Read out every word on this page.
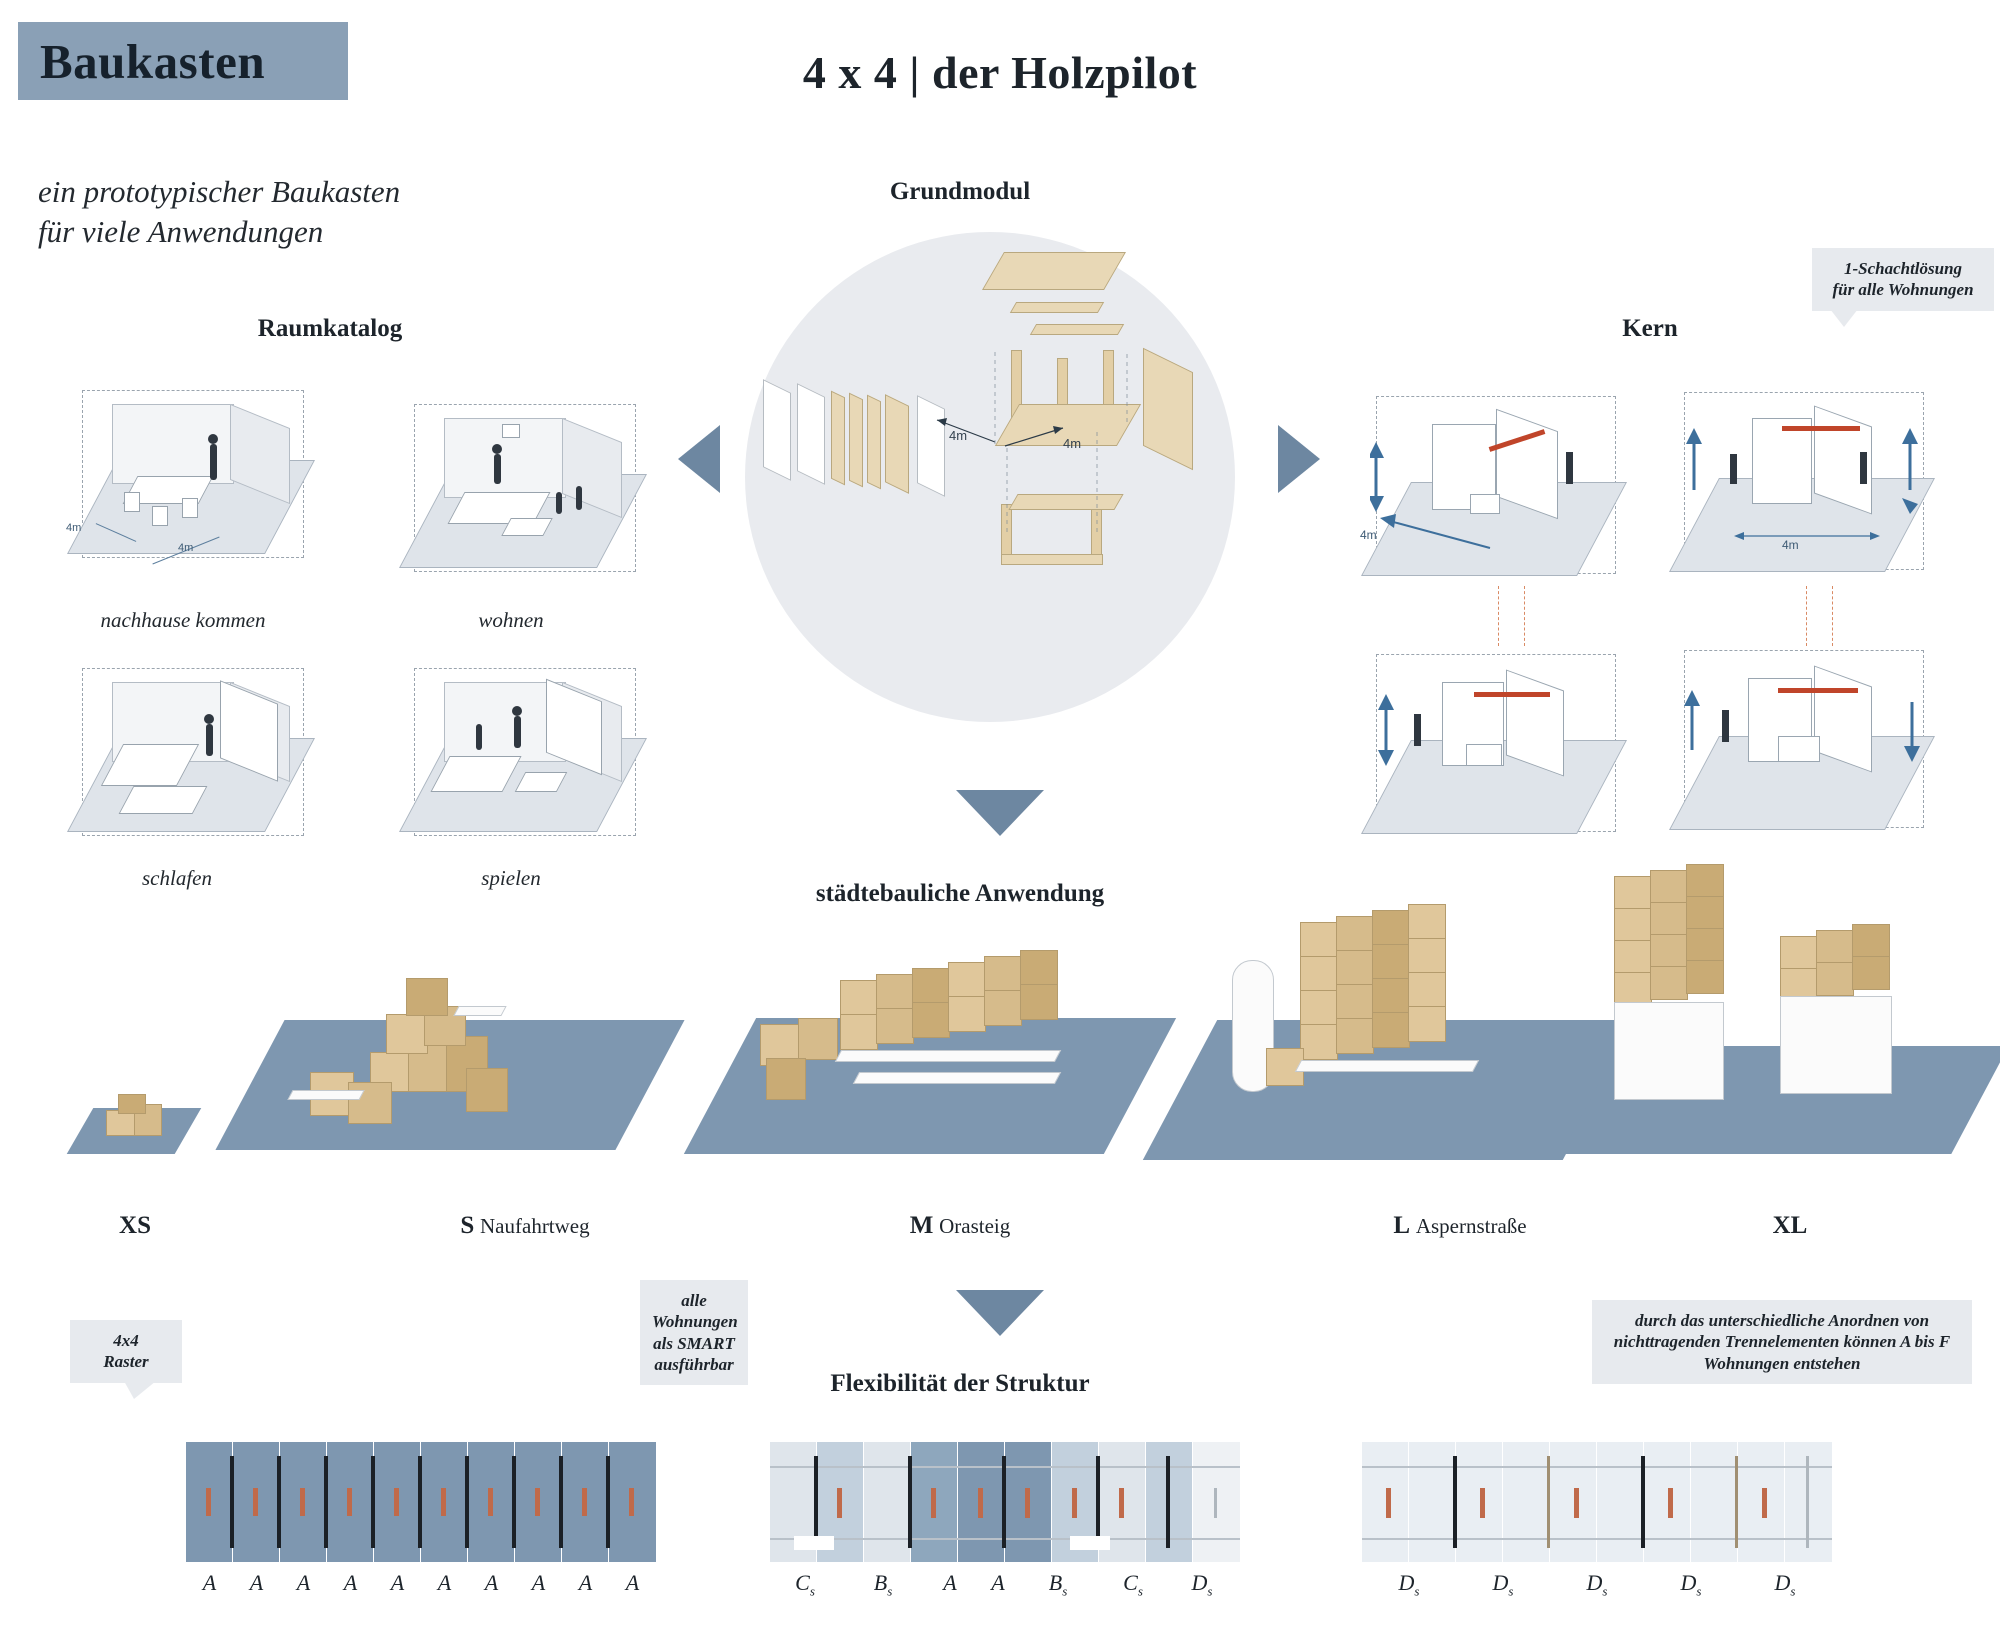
Baukasten	4 x 4 | der Holzpilot
ein prototypischer Baukasten
für viele Anwendungen
Raumkatalog
Grundmodul
Kern
städtebauliche Anwendung
Flexibilität der Struktur
1-Schachtlösung
für alle Wohnungen
4x4
Raster
alle Wohnungen als SMART ausführbar
durch das unterschiedliche Anordnen von nichttragenden Trennelementen können A bis F Wohnungen entstehen
4m
4m
4m
4m
nachhause kommen	wohnen
schlafen	spielen
4m
4m
XS	S Naufahrtweg	M Orasteig	L Aspernstraße	XL
A	A	A	A	A	A	A	A	A	A	$C_s$	$B_s$	A	A	$B_s$	$C_s$	$D_s$	$D_s$	$D_s$	$D_s$	$D_s$	$D_s$
